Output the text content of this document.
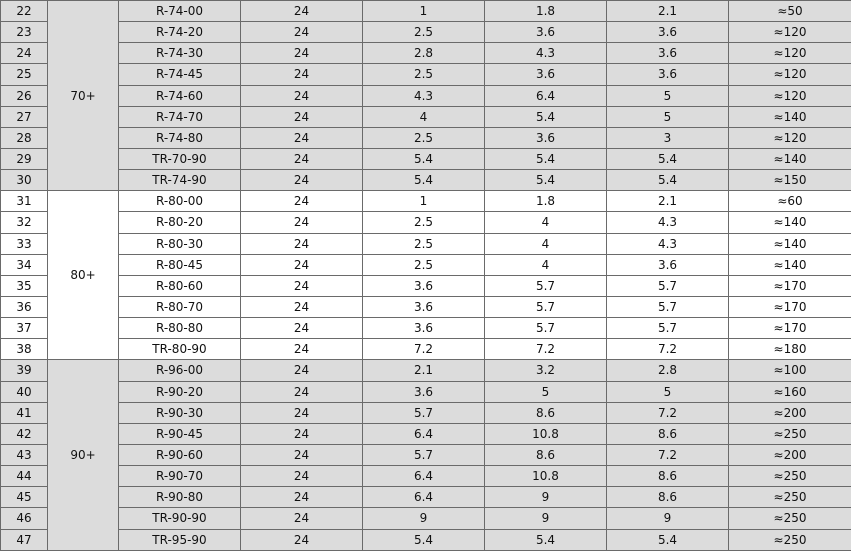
22	70+	R-74-00	24	1	1.8	2.1	≈50
23		R-74-20	24	2.5	3.6	3.6	≈120
24		R-74-30	24	2.8	4.3	3.6	≈120
25		R-74-45	24	2.5	3.6	3.6	≈120
26		R-74-60	24	4.3	6.4	5	≈120
27		R-74-70	24	4	5.4	5	≈140
28		R-74-80	24	2.5	3.6	3	≈120
29		TR-70-90	24	5.4	5.4	5.4	≈140
30		TR-74-90	24	5.4	5.4	5.4	≈150
31	80+	R-80-00	24	1	1.8	2.1	≈60
32		R-80-20	24	2.5	4	4.3	≈140
33		R-80-30	24	2.5	4	4.3	≈140
34		R-80-45	24	2.5	4	3.6	≈140
35		R-80-60	24	3.6	5.7	5.7	≈170
36		R-80-70	24	3.6	5.7	5.7	≈170
37		R-80-80	24	3.6	5.7	5.7	≈170
38		TR-80-90	24	7.2	7.2	7.2	≈180
39	90+	R-96-00	24	2.1	3.2	2.8	≈100
40		R-90-20	24	3.6	5	5	≈160
41		R-90-30	24	5.7	8.6	7.2	≈200
42		R-90-45	24	6.4	10.8	8.6	≈250
43		R-90-60	24	5.7	8.6	7.2	≈200
44		R-90-70	24	6.4	10.8	8.6	≈250
45		R-90-80	24	6.4	9	8.6	≈250
46		TR-90-90	24	9	9	9	≈250
47		TR-95-90	24	5.4	5.4	5.4	≈250
